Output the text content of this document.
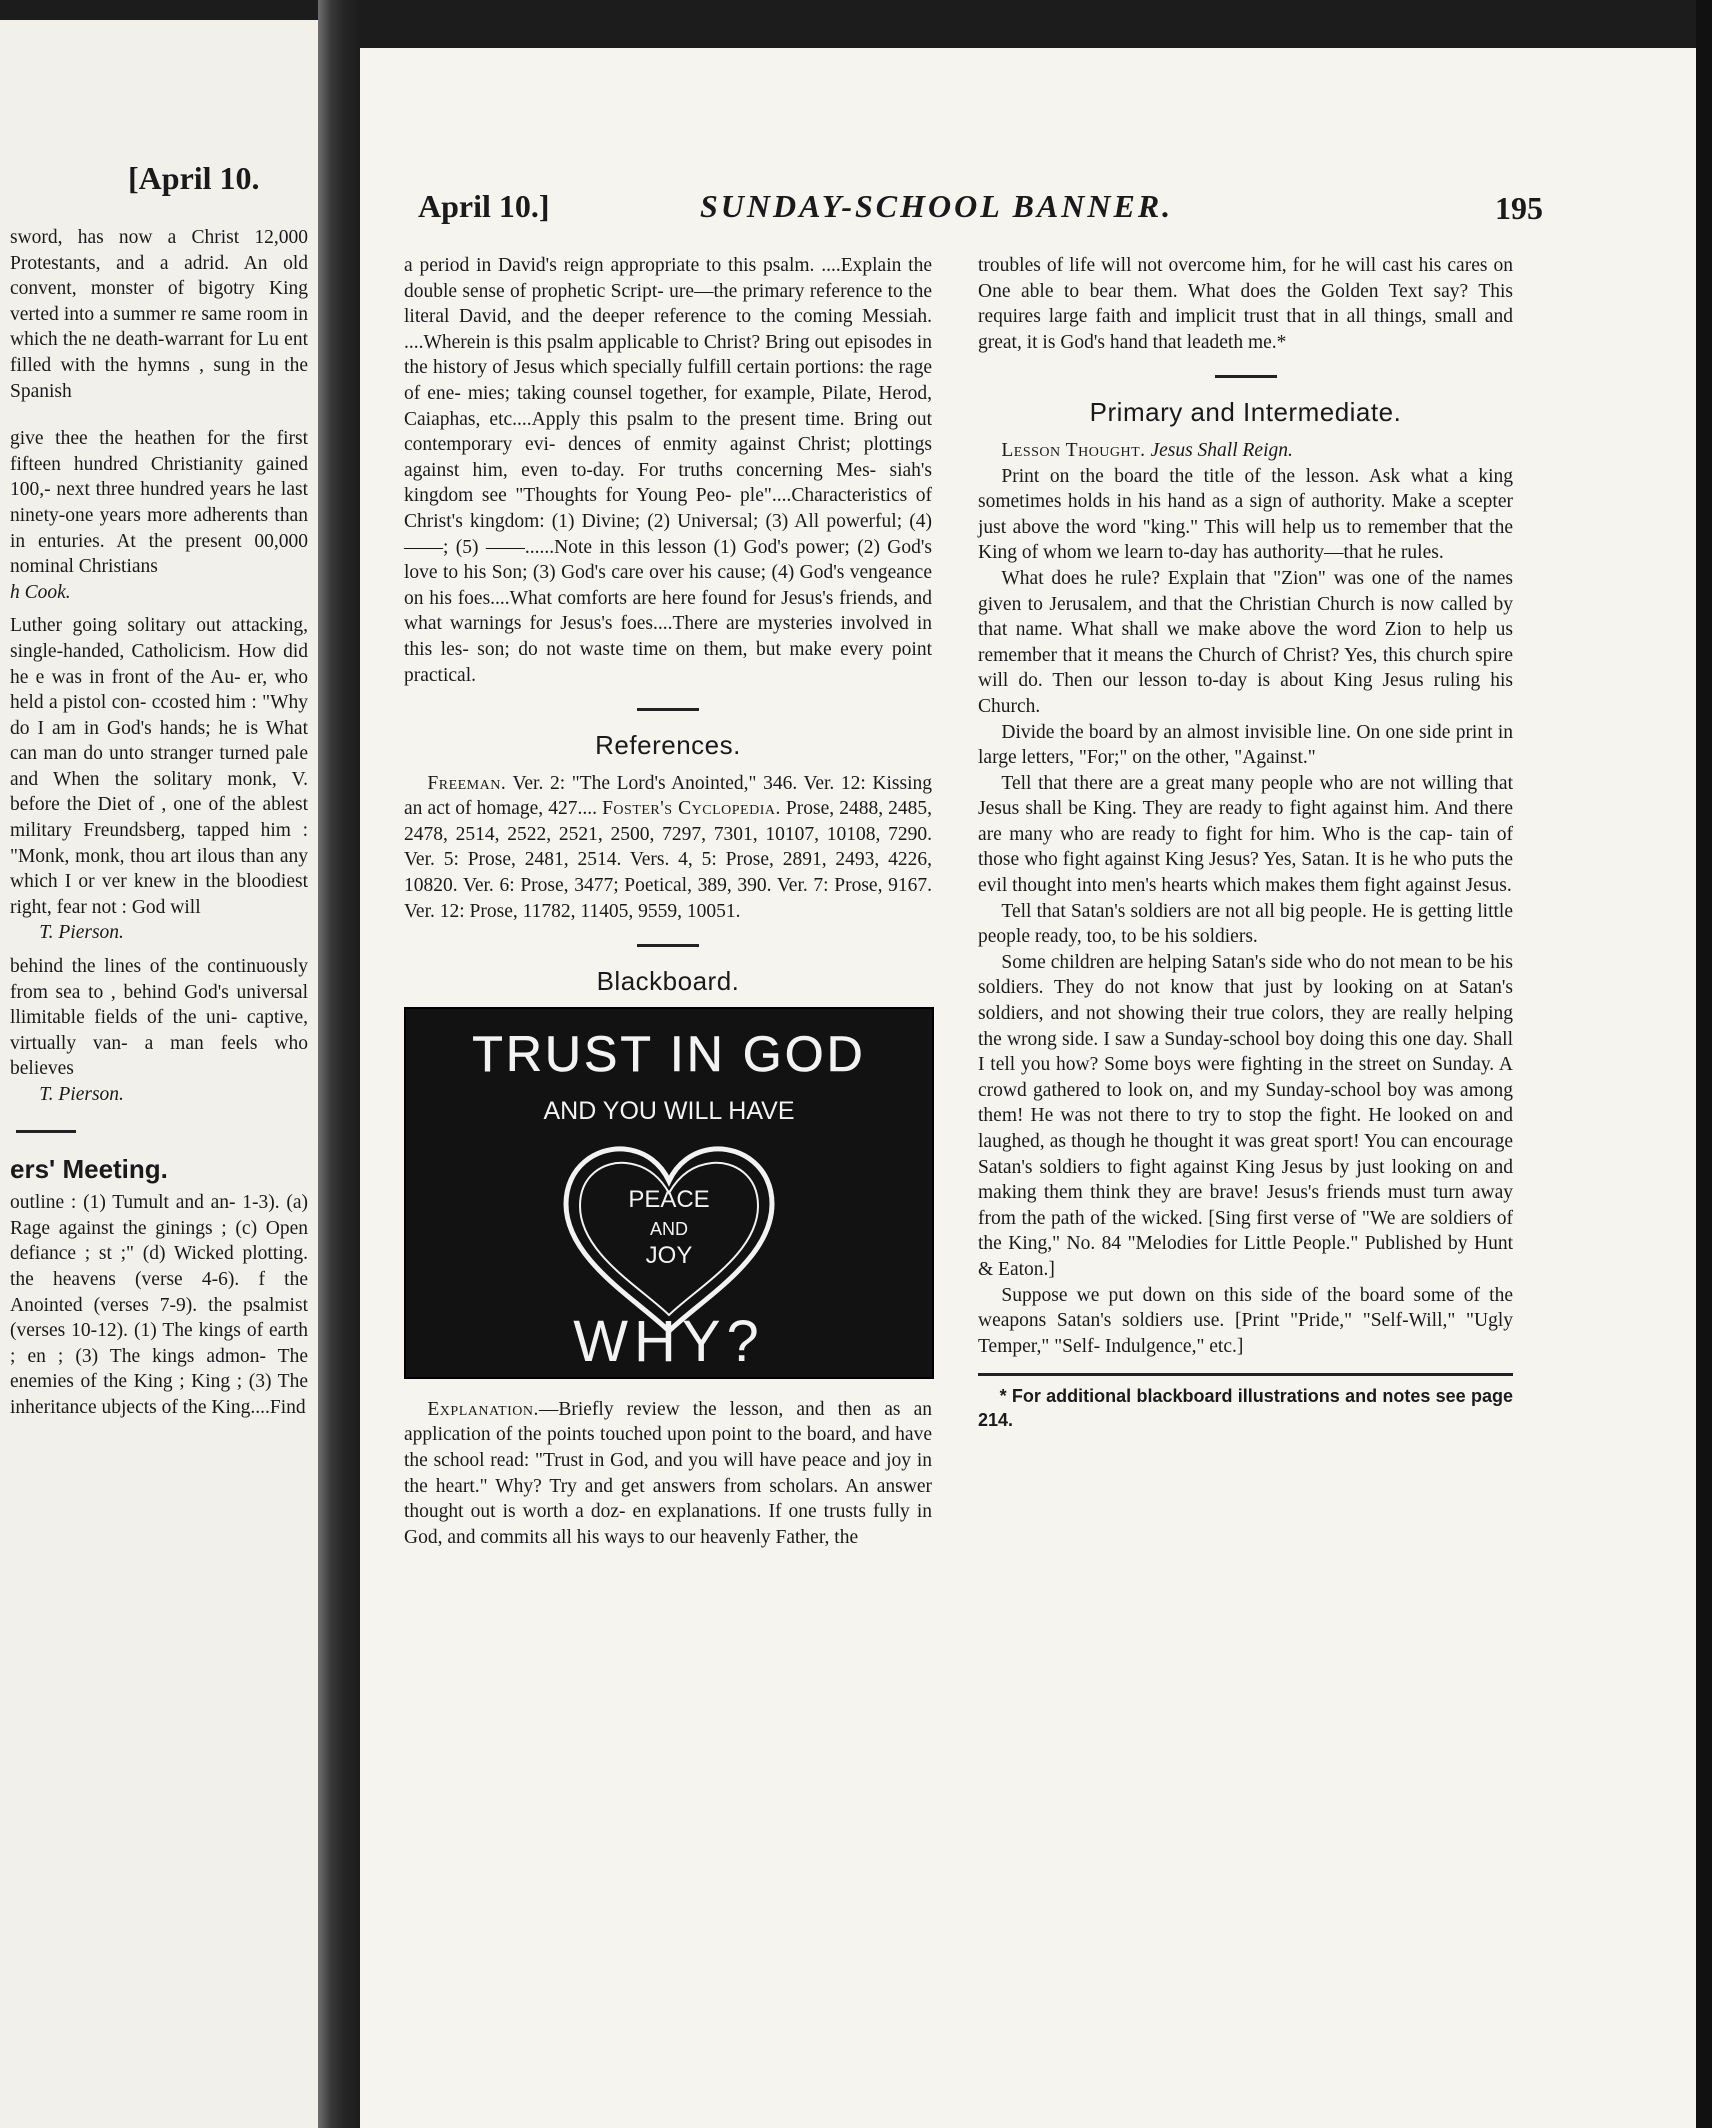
[April 10.

sword, has now a Christ 12,000 Protestants, and a adrid. An old convent, monster of bigotry King verted into a summer re same room in which the ne death-warrant for Lu ent filled with the hymns , sung in the Spanish

give thee the heathen for the first fifteen hundred Christianity gained 100,- next three hundred years he last ninety-one years more adherents than in enturies. At the present 00,000 nominal Christians

h Cook.

Luther going solitary out attacking, single-handed, Catholicism. How did he e was in front of the Au- er, who held a pistol con- ccosted him : "Why do I am in God's hands; he is What can man do unto stranger turned pale and When the solitary monk, V. before the Diet of , one of the ablest military Freundsberg, tapped him : "Monk, monk, thou art ilous than any which I or ver knew in the bloodiest right, fear not : God will

T. Pierson.

behind the lines of the continuously from sea to , behind God's universal llimitable fields of the uni- captive, virtually van- a man feels who believes

T. Pierson.

ers' Meeting.

outline : (1) Tumult and an- 1-3). (a) Rage against the ginings ; (c) Open defiance ; st ;" (d) Wicked plotting. the heavens (verse 4-6). f the Anointed (verses 7-9). the psalmist (verses 10-12). (1) The kings of earth ; en ; (3) The kings admon- The enemies of the King ; King ; (3) The inheritance ubjects of the King....Find

April 10.]	SUNDAY-SCHOOL BANNER.	195

a period in David's reign appropriate to this psalm. ....Explain the double sense of prophetic Script- ure—the primary reference to the literal David, and the deeper reference to the coming Messiah. ....Wherein is this psalm applicable to Christ? Bring out episodes in the history of Jesus which specially fulfill certain portions: the rage of ene- mies; taking counsel together, for example, Pilate, Herod, Caiaphas, etc....Apply this psalm to the present time. Bring out contemporary evi- dences of enmity against Christ; plottings against him, even to-day. For truths concerning Mes- siah's kingdom see "Thoughts for Young Peo- ple"....Characteristics of Christ's kingdom: (1) Divine; (2) Universal; (3) All powerful; (4) ——; (5) ——......Note in this lesson (1) God's power; (2) God's love to his Son; (3) God's care over his cause; (4) God's vengeance on his foes....What comforts are here found for Jesus's friends, and what warnings for Jesus's foes....There are mysteries involved in this les- son; do not waste time on them, but make every point practical.

References.

Freeman. Ver. 2: "The Lord's Anointed," 346. Ver. 12: Kissing an act of homage, 427.... Foster's Cyclopedia. Prose, 2488, 2485, 2478, 2514, 2522, 2521, 2500, 7297, 7301, 10107, 10108, 7290. Ver. 5: Prose, 2481, 2514. Vers. 4, 5: Prose, 2891, 2493, 4226, 10820. Ver. 6: Prose, 3477; Poetical, 389, 390. Ver. 7: Prose, 9167. Ver. 12: Prose, 11782, 11405, 9559, 10051.

Blackboard.
TRUST IN GOD
AND YOU WILL HAVE
PEACE
AND
JOY
WHY?

Explanation.—Briefly review the lesson, and then as an application of the points touched upon point to the board, and have the school read: "Trust in God, and you will have peace and joy in the heart." Why? Try and get answers from scholars. An answer thought out is worth a doz- en explanations. If one trusts fully in God, and commits all his ways to our heavenly Father, the

troubles of life will not overcome him, for he will cast his cares on One able to bear them. What does the Golden Text say? This requires large faith and implicit trust that in all things, small and great, it is God's hand that leadeth me.*

Primary and Intermediate.

Lesson Thought. Jesus Shall Reign.

Print on the board the title of the lesson. Ask what a king sometimes holds in his hand as a sign of authority. Make a scepter just above the word "king." This will help us to remember that the King of whom we learn to-day has authority—that he rules.

What does he rule? Explain that "Zion" was one of the names given to Jerusalem, and that the Christian Church is now called by that name. What shall we make above the word Zion to help us remember that it means the Church of Christ? Yes, this church spire will do. Then our lesson to-day is about King Jesus ruling his Church.

Divide the board by an almost invisible line. On one side print in large letters, "For;" on the other, "Against."

Tell that there are a great many people who are not willing that Jesus shall be King. They are ready to fight against him. And there are many who are ready to fight for him. Who is the cap- tain of those who fight against King Jesus? Yes, Satan. It is he who puts the evil thought into men's hearts which makes them fight against Jesus.

Tell that Satan's soldiers are not all big people. He is getting little people ready, too, to be his soldiers.

Some children are helping Satan's side who do not mean to be his soldiers. They do not know that just by looking on at Satan's soldiers, and not showing their true colors, they are really helping the wrong side. I saw a Sunday-school boy doing this one day. Shall I tell you how? Some boys were fighting in the street on Sunday. A crowd gathered to look on, and my Sunday-school boy was among them! He was not there to try to stop the fight. He looked on and laughed, as though he thought it was great sport! You can encourage Satan's soldiers to fight against King Jesus by just looking on and making them think they are brave! Jesus's friends must turn away from the path of the wicked. [Sing first verse of "We are soldiers of the King," No. 84 "Melodies for Little People." Published by Hunt & Eaton.]

Suppose we put down on this side of the board some of the weapons Satan's soldiers use. [Print "Pride," "Self-Will," "Ugly Temper," "Self- Indulgence," etc.]

* For additional blackboard illustrations and notes see page 214.
